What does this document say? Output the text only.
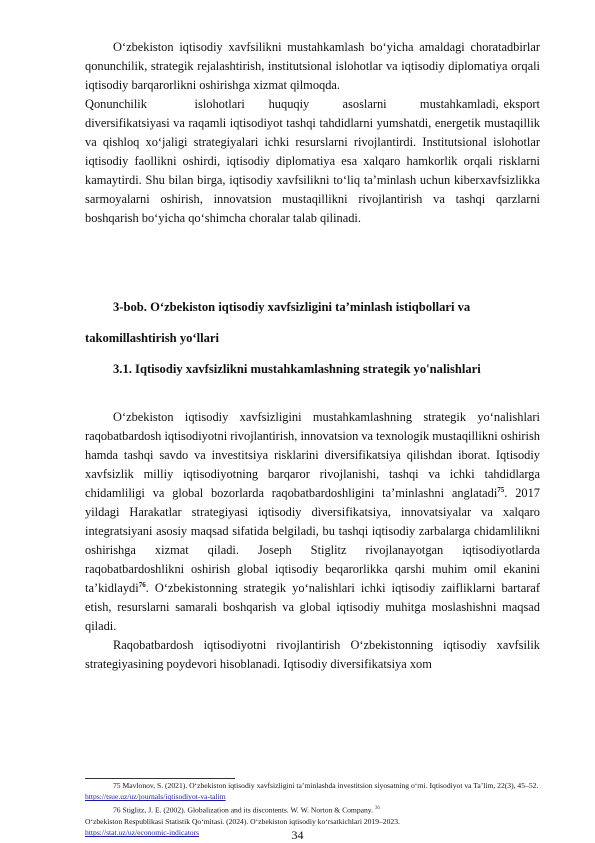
O‘zbekiston iqtisodiy xavfsilikni mustahkamlash bo‘yicha amaldagi choratadbirlar qonunchilik, strategik rejalashtirish, institutsional islohotlar va iqtisodiy diplomatiya orqali iqtisodiy barqarorlikni oshirishga xizmat qilmoqda.
Qonunchilik          islohotlari     huquqiy       asoslarni       mustahkamladi, eksport diversifikatsiyasi va raqamli iqtisodiyot tashqi tahdidlarni yumshatdi, energetik mustaqillik va qishloq xo‘jaligi strategiyalari ichki resurslarni rivojlantirdi. Institutsional islohotlar iqtisodiy faollikni oshirdi, iqtisodiy diplomatiya esa xalqaro hamkorlik orqali risklarni kamaytirdi. Shu bilan birga, iqtisodiy xavfsilikni to‘liq ta’minlash uchun kiberxavfsizlikka sarmoyalarni oshirish, innovatsion mustaqillikni rivojlantirish va tashqi qarzlarni boshqarish bo‘yicha qo‘shimcha choralar talab qilinadi.
3-bob. O‘zbekiston iqtisodiy xavfsizligini ta’minlash istiqbollari va
takomillashtirish yo‘llari
3.1. Iqtisodiy xavfsizlikni mustahkamlashning strategik yo'nalishlari
O‘zbekiston iqtisodiy xavfsizligini mustahkamlashning strategik yo‘nalishlari raqobatbardosh iqtisodiyotni rivojlantirish, innovatsion va texnologik mustaqillikni oshirish hamda tashqi savdo va investitsiya risklarini diversifikatsiya qilishdan iborat. Iqtisodiy xavfsizlik milliy iqtisodiyotning barqaror rivojlanishi, tashqi va ichki tahdidlarga chidamliligi va global bozorlarda raqobatbardoshligini ta’minlashni anglatadi$^{75}$. 2017 yildagi Harakatlar strategiyasi iqtisodiy diversifikatsiya, innovatsiyalar va xalqaro integratsiyani asosiy maqsad sifatida belgiladi, bu tashqi iqtisodiy zarbalarga chidamlilikni oshirishga xizmat qiladi. Joseph Stiglitz rivojlanayotgan iqtisodiyotlarda raqobatbardoshlikni oshirish global iqtisodiy beqarorlikka qarshi muhim omil ekanini ta’kidlaydi$^{76}$. O‘zbekistonning strategik yo‘nalishlari ichki iqtisodiy zaifliklarni bartaraf etish, resurslarni samarali boshqarish va global iqtisodiy muhitga moslashishni maqsad qiladi.
Raqobatbardosh iqtisodiyotni rivojlantirish O‘zbekistonning iqtisodiy xavfsilik strategiyasining poydevori hisoblanadi. Iqtisodiy diversifikatsiya xom
75 Mavlonov, S. (2021). O‘zbekiston iqtisodiy xavfsizligini ta’minlashda investitsion siyosatning o‘rni. Iqtisodiyot va Ta’lim, 22(3), 45–52. https://tsue.uz/uz/journals/iqtisodiyot-va-talim
76 Stiglitz, J. E. (2002). Globalization and its discontents. W. W. Norton & Company. $^{36}$
O‘zbekiston Respublikasi Statistik Qo‘mitasi. (2024). O‘zbekiston iqtisodiy ko‘rsatkichlari 2019–2023.
https://stat.uz/uz/economic-indicators	34
